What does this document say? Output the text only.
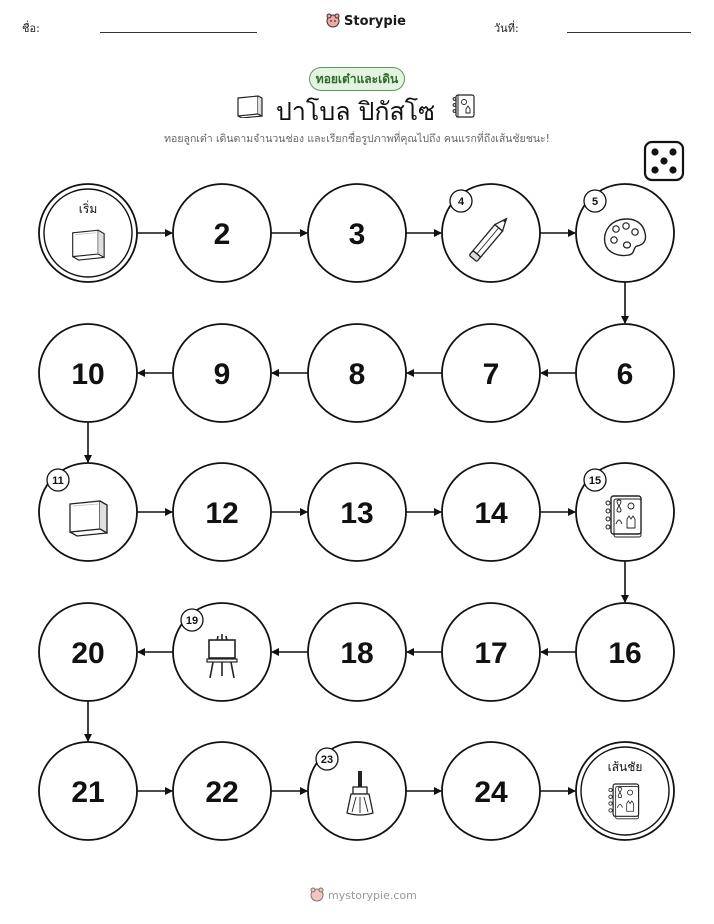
ชื่อ:	Storypie	วันที่:
ทอยเต๋าและเดิน
ปาโบล ปิกัสโซ
ทอยลูกเต๋า เดินตามจำนวนช่อง และเรียกชื่อรูปภาพที่คุณไปถึง คนแรกที่ถึงเส้นชัยชนะ!
เริ่ม
2	3
4	5
6
7
8
9
10
11
12	13	14
15
16
17
18
19
20
21	22
23
24
เส้นชัย
mystorypie.com
